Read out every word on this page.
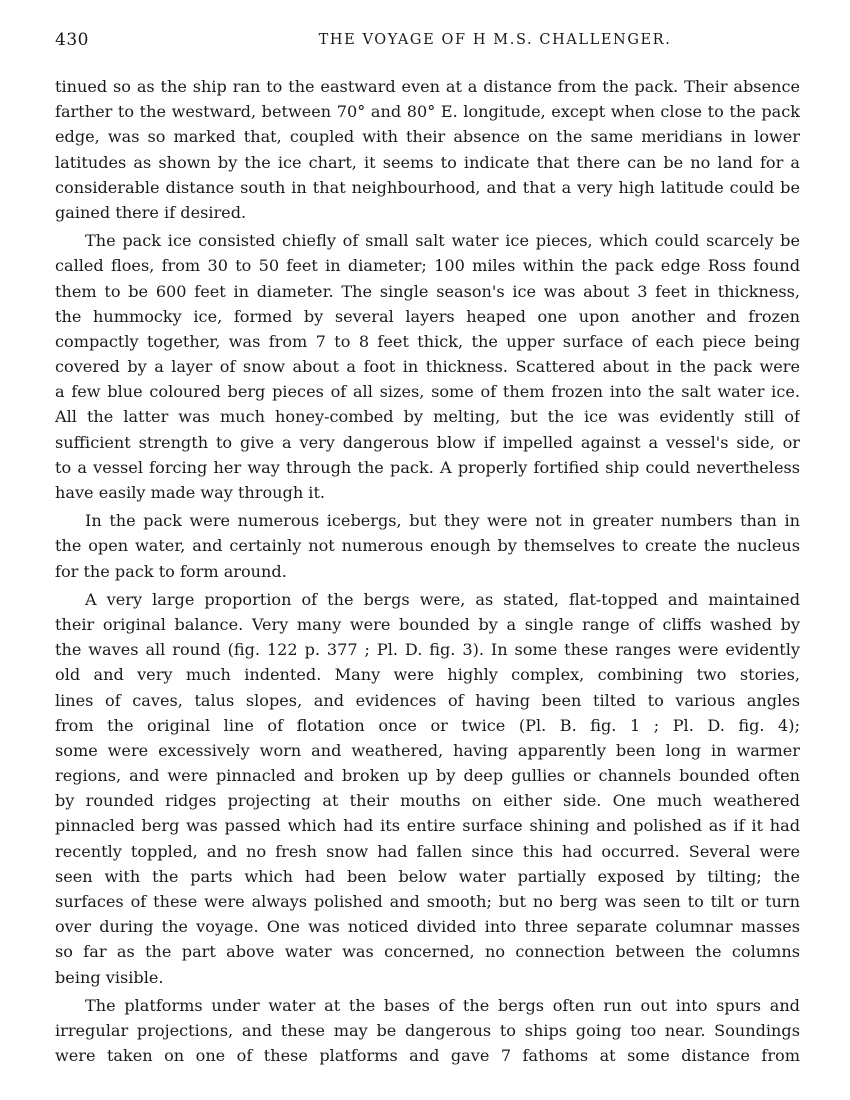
430	THE VOYAGE OF H M.S. CHALLENGER.
tinued so as the ship ran to the eastward even at a distance from the pack. Their absence
farther to the westward, between 70° and 80° E. longitude, except when close to the pack
edge, was so marked that, coupled with their absence on the same meridians in lower
latitudes as shown by the ice chart, it seems to indicate that there can be no land for a
considerable distance south in that neighbourhood, and that a very high latitude could be
gained there if desired.
The pack ice consisted chiefly of small salt water ice pieces, which could scarcely be
called floes, from 30 to 50 feet in diameter; 100 miles within the pack edge Ross found
them to be 600 feet in diameter. The single season's ice was about 3 feet in thickness,
the hummocky ice, formed by several layers heaped one upon another and frozen
compactly together, was from 7 to 8 feet thick, the upper surface of each piece being
covered by a layer of snow about a foot in thickness. Scattered about in the pack were
a few blue coloured berg pieces of all sizes, some of them frozen into the salt water ice.
All the latter was much honey-combed by melting, but the ice was evidently still of
sufficient strength to give a very dangerous blow if impelled against a vessel's side, or
to a vessel forcing her way through the pack. A properly fortified ship could nevertheless
have easily made way through it.
In the pack were numerous icebergs, but they were not in greater numbers than in
the open water, and certainly not numerous enough by themselves to create the nucleus
for the pack to form around.
A very large proportion of the bergs were, as stated, flat-topped and maintained
their original balance. Very many were bounded by a single range of cliffs washed by
the waves all round (fig. 122 p. 377 ; Pl. D. fig. 3). In some these ranges were evidently
old and very much indented. Many were highly complex, combining two stories,
lines of caves, talus slopes, and evidences of having been tilted to various angles
from the original line of flotation once or twice (Pl. B. fig. 1 ; Pl. D. fig. 4);
some were excessively worn and weathered, having apparently been long in warmer
regions, and were pinnacled and broken up by deep gullies or channels bounded often
by rounded ridges projecting at their mouths on either side. One much weathered
pinnacled berg was passed which had its entire surface shining and polished as if it had
recently toppled, and no fresh snow had fallen since this had occurred. Several were
seen with the parts which had been below water partially exposed by tilting; the
surfaces of these were always polished and smooth; but no berg was seen to tilt or turn
over during the voyage. One was noticed divided into three separate columnar masses
so far as the part above water was concerned, no connection between the columns
being visible.
The platforms under water at the bases of the bergs often run out into spurs and
irregular projections, and these may be dangerous to ships going too near. Soundings
were taken on one of these platforms and gave 7 fathoms at some distance from
